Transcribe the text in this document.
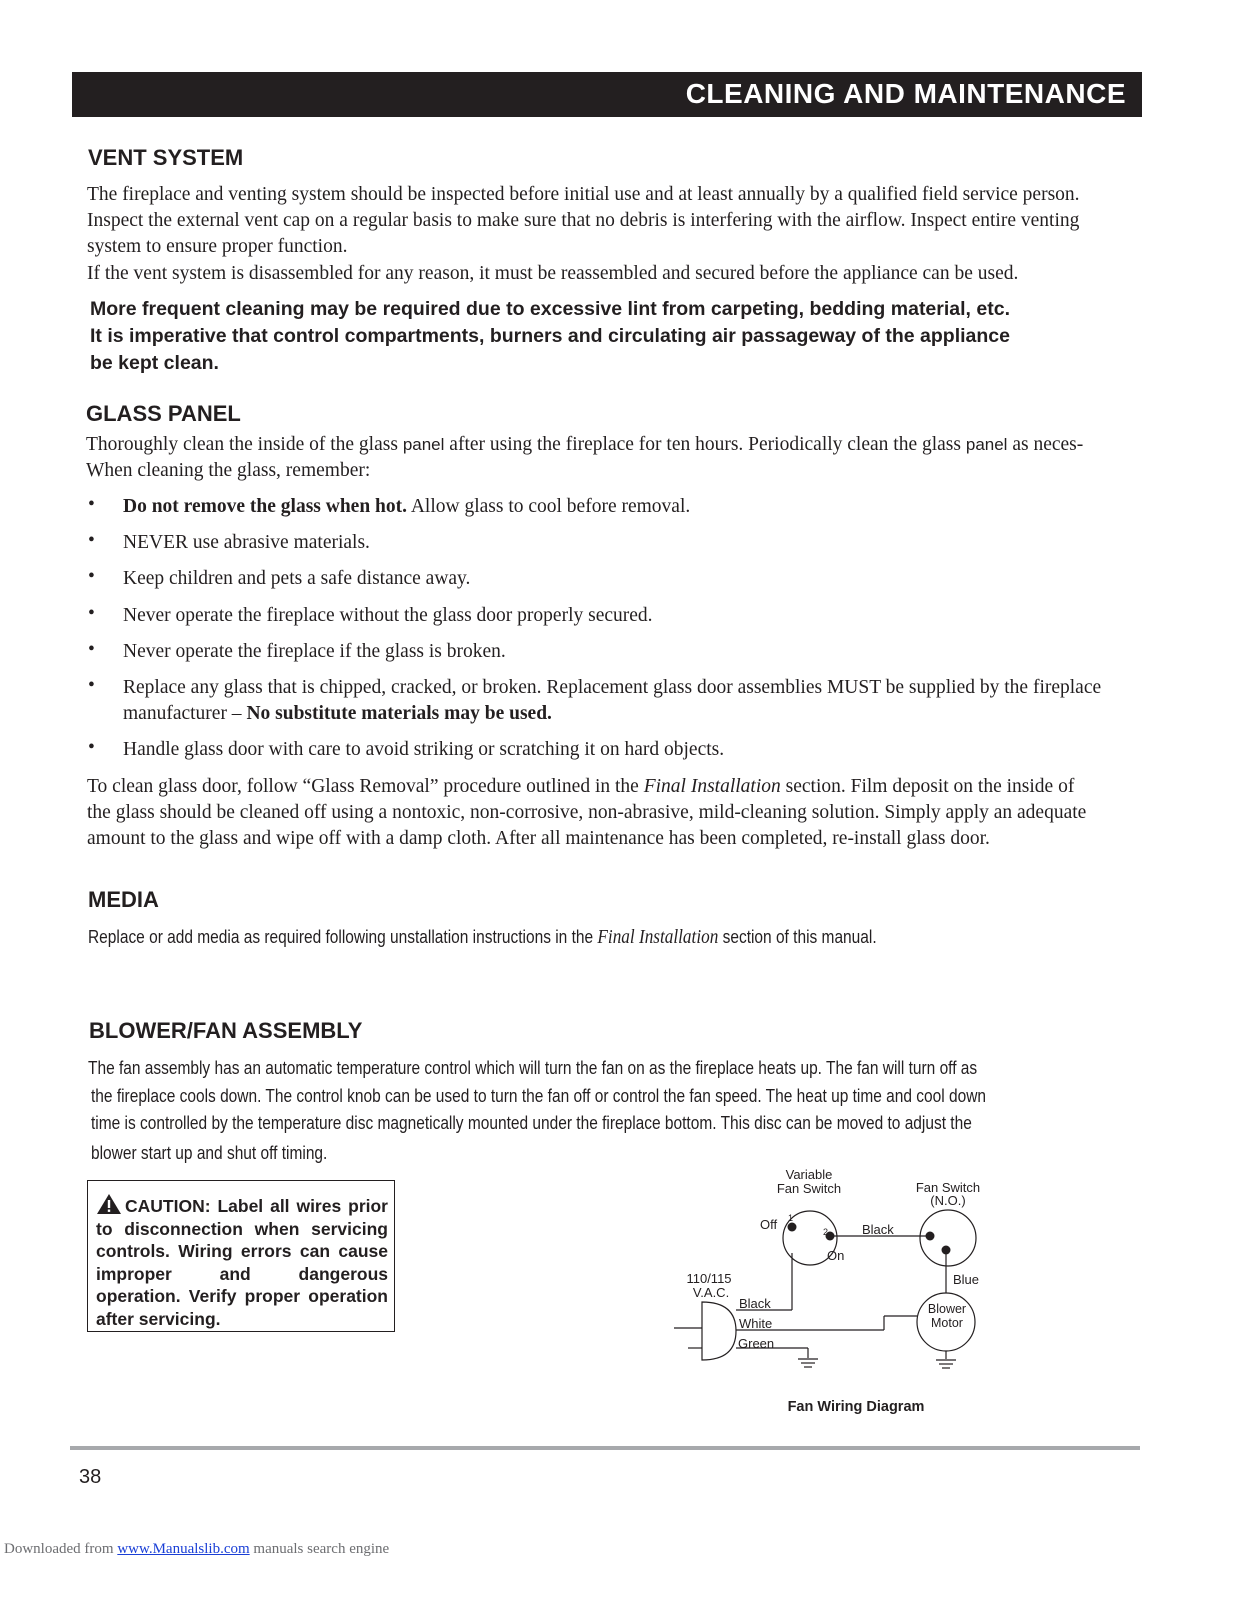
CLEANING AND MAINTENANCE
VENT SYSTEM
The fireplace and venting system should be inspected before initial use and at least annually by a qualified field service person.
Inspect the external vent cap on a regular basis to make sure that no debris is interfering with the airflow. Inspect entire venting
system to ensure proper function.
If the vent system is disassembled for any reason, it must be reassembled and secured before the appliance can be used.
More frequent cleaning may be required due to excessive lint from carpeting, bedding material, etc.
It is imperative that control compartments, burners and circulating air passageway of the appliance
be kept clean.
GLASS PANEL
Thoroughly clean the inside of the glass panel after using the fireplace for ten hours. Periodically clean the glass panel as neces-
When cleaning the glass, remember:
• Do not remove the glass when hot. Allow glass to cool before removal.
• NEVER use abrasive materials.
• Keep children and pets a safe distance away.
• Never operate the fireplace without the glass door properly secured.
• Never operate the fireplace if the glass is broken.
• Replace any glass that is chipped, cracked, or broken. Replacement glass door assemblies MUST be supplied by the fireplace
manufacturer – No substitute materials may be used.
• Handle glass door with care to avoid striking or scratching it on hard objects.
To clean glass door, follow “Glass Removal” procedure outlined in the Final Installation section. Film deposit on the inside of
the glass should be cleaned off using a nontoxic, non-corrosive, non-abrasive, mild-cleaning solution. Simply apply an adequate
amount to the glass and wipe off with a damp cloth. After all maintenance has been completed, re-install glass door.
MEDIA
Replace or add media as required following unstallation instructions in the Final Installation section of this manual.
BLOWER/FAN ASSEMBLY
The fan assembly has an automatic temperature control which will turn the fan on as the fireplace heats up. The fan will turn off as
the fireplace cools down. The control knob can be used to turn the fan off or control the fan speed. The heat up time and cool down
time is controlled by the temperature disc magnetically mounted under the fireplace bottom. This disc can be moved to adjust the
blower start up and shut off timing.
CAUTION: Label all wires prior to disconnection when servicing controls. Wiring errors can cause improper and dangerous operation. Verify proper operation after servicing.
Variable
Fan Switch	Fan Switch
(N.O.)
Off 1
2
On
Black
Blue
110/115
V.A.C.
Black
White
Green
Blower
Motor
Fan Wiring Diagram
38
Downloaded from www.Manualslib.com manuals search engine
